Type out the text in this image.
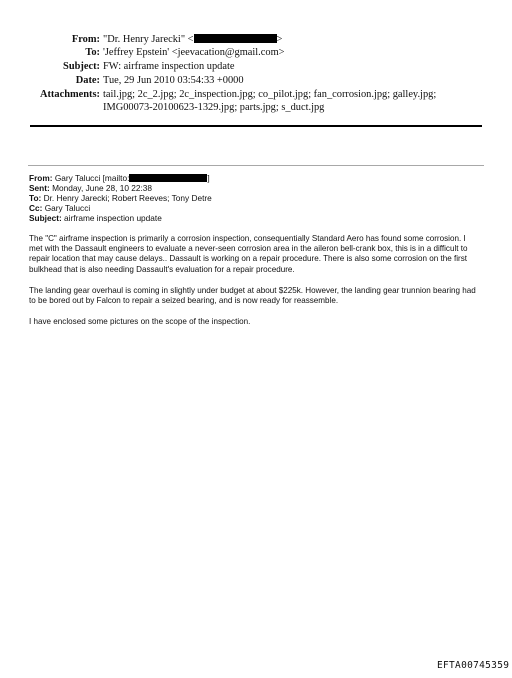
From: "Dr. Henry Jarecki" <	>
To: 'Jeffrey Epstein' <jeevacation@gmail.com>
Subject: FW: airframe inspection update
Date: Tue, 29 Jun 2010 03:54:33 +0000
Attachments: tail.jpg; 2c_2.jpg; 2c_inspection.jpg; co_pilot.jpg; fan_corrosion.jpg; galley.jpg; IMG00073-20100623-1329.jpg; parts.jpg; s_duct.jpg
From: Gary Talucci [mailto:	]
Sent: Monday, June 28, 10 22:38
To: Dr. Henry Jarecki; Robert Reeves; Tony Detre
Cc: Gary Talucci
Subject: airframe inspection update
The "C" airframe inspection is primarily a corrosion inspection, consequentially Standard Aero has found some corrosion. I met with the Dassault engineers to evaluate a never-seen corrosion area in the aileron bell-crank box, this is in a difficult to repair location that may cause delays.. Dassault is working on a repair procedure. There is also some corrosion on the first bulkhead that is also needing Dassault's evaluation for a repair procedure.
The landing gear overhaul is coming in slightly under budget at about $225k. However, the landing gear trunnion bearing had to be bored out by Falcon to repair a seized bearing, and is now ready for reassemble.
I have enclosed some pictures on the scope of the inspection.
EFTA00745359
